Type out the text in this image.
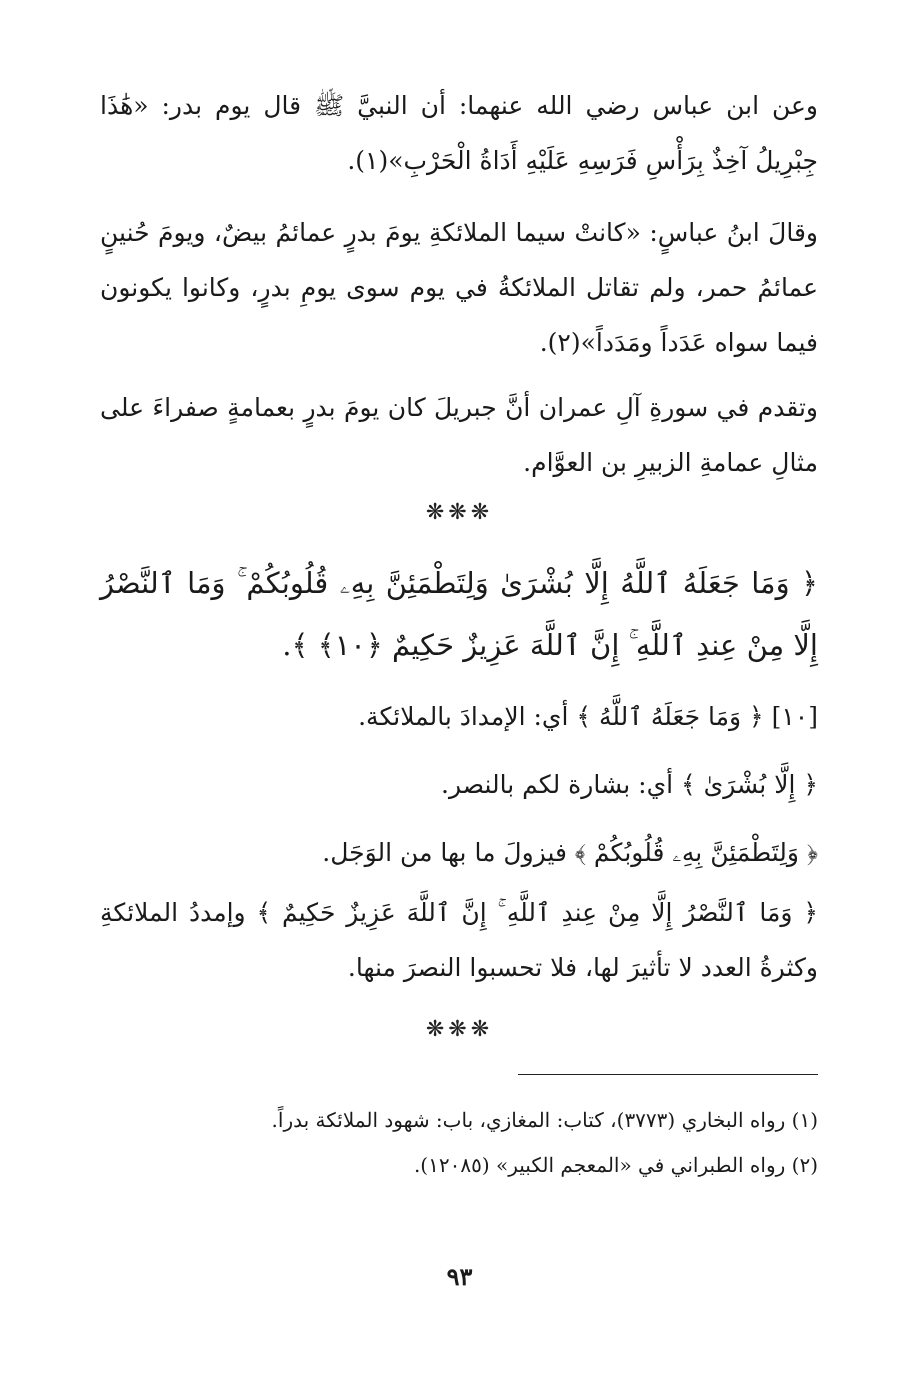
وعن ابن عباس رضي الله عنهما: أن النبيَّ ﷺ قال يوم بدر: «هَٰذَا جِبْرِيلُ آخِذٌ بِرَأْسِ فَرَسِهِ عَلَيْهِ أَدَاةُ الْحَرْبِ»(١).
وقالَ ابنُ عباسٍ: «كانتْ سيما الملائكةِ يومَ بدرٍ عمائمُ بيضٌ، ويومَ حُنينٍ عمائمُ حمر، ولم تقاتل الملائكةُ في يوم سوى يومِ بدرٍ، وكانوا يكونون فيما سواه عَدَداً ومَدَداً»(٢).
وتقدم في سورةِ آلِ عمران أنَّ جبريلَ كان يومَ بدرٍ بعمامةٍ صفراءَ على مثالِ عمامةِ الزبيرِ بن العوَّام.
❋❋❋
﴿ وَمَا جَعَلَهُ ٱللَّهُ إِلَّا بُشْرَىٰ وَلِتَطْمَئِنَّ بِهِۦ قُلُوبُكُمْ ۚ وَمَا ٱلنَّصْرُ إِلَّا مِنْ عِندِ ٱللَّهِ ۚ إِنَّ ٱللَّهَ عَزِيزٌ حَكِيمٌ ﴿١٠﴾ ﴾.
[١٠] ﴿ وَمَا جَعَلَهُ ٱللَّهُ ﴾ أي: الإمدادَ بالملائكة.
﴿ إِلَّا بُشْرَىٰ ﴾ أي: بشارة لكم بالنصر.
﴿ وَلِتَطْمَئِنَّ بِهِۦ قُلُوبُكُمْ ﴾ فيزولَ ما بها من الوَجَل.
﴿ وَمَا ٱلنَّصْرُ إِلَّا مِنْ عِندِ ٱللَّهِ ۚ إِنَّ ٱللَّهَ عَزِيزٌ حَكِيمٌ ﴾ وإمددُ الملائكةِ وكثرةُ العدد لا تأثيرَ لها، فلا تحسبوا النصرَ منها.
❋❋❋
(١) رواه البخاري (٣٧٧٣)، كتاب: المغازي، باب: شهود الملائكة بدراً.
(٢) رواه الطبراني في «المعجم الكبير» (١٢٠٨٥).
٩٣
